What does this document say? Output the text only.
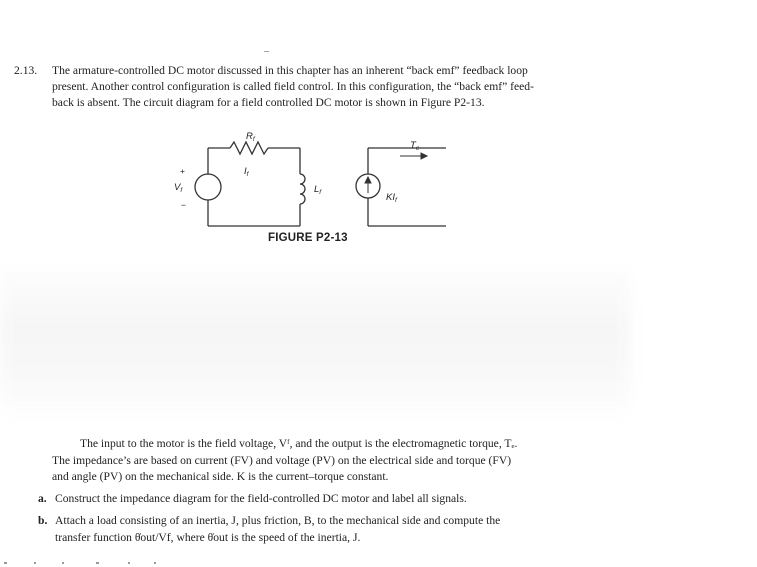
_
2.13. The armature-controlled DC motor discussed in this chapter has an inherent “back emf” feedback loop
present. Another control configuration is called field control. In this configuration, the “back emf” feed-
back is absent. The circuit diagram for a field controlled DC motor is shown in Figure P2-13.
$R_f$
$I_f$
$V_f$	$L_f$
$T_e$
$KI_f$
+
−
FIGURE P2-13
The input to the motor is the field voltage, Vᶠ, and the output is the electromagnetic torque, Tₑ.
The impedance’s are based on current (FV) and voltage (PV) on the electrical side and torque (FV)
and angle (PV) on the mechanical side. K is the current–torque constant.
a. Construct the impedance diagram for the field-controlled DC motor and label all signals.
b. Attach a load consisting of an inertia, J, plus friction, B, to the mechanical side and compute the
transfer function θ̇out/Vf, where θ̇out is the speed of the inertia, J.
